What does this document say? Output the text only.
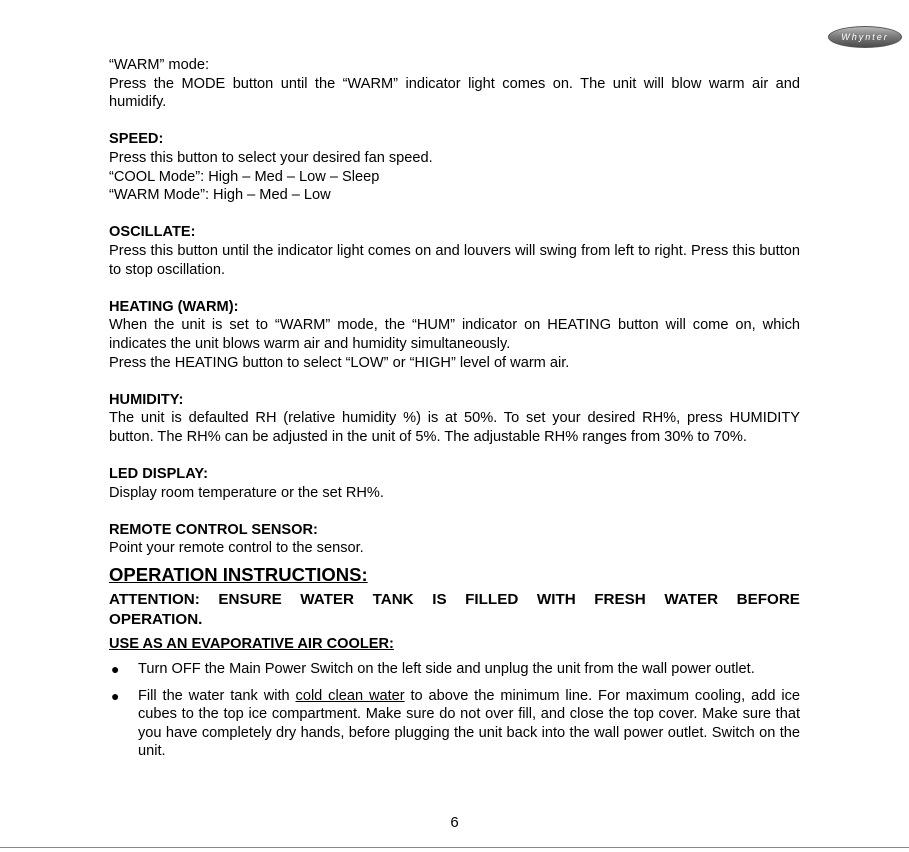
Whynter

“WARM” mode:

Press the MODE button until the “WARM” indicator light comes on. The unit will blow warm air and humidify.

SPEED:

Press this button to select your desired fan speed.

“COOL Mode”: High – Med – Low – Sleep

“WARM Mode”: High – Med – Low

OSCILLATE:

Press this button until the indicator light comes on and louvers will swing from left to right. Press this button to stop oscillation.

HEATING (WARM):

When the unit is set to “WARM” mode, the “HUM” indicator on HEATING button will come on, which indicates the unit blows warm air and humidity simultaneously.

Press the HEATING button to select “LOW” or “HIGH” level of warm air.

HUMIDITY:

The unit is defaulted RH (relative humidity %) is at 50%. To set your desired RH%, press HUMIDITY button. The RH% can be adjusted in the unit of 5%. The adjustable RH% ranges from 30% to 70%.

LED DISPLAY:

Display room temperature or the set RH%.

REMOTE CONTROL SENSOR:

Point your remote control to the sensor.

OPERATION INSTRUCTIONS:
ATTENTION: ENSURE WATER TANK IS FILLED WITH FRESH WATER BEFORE

OPERATION.

USE AS AN EVAPORATIVE AIR COOLER:
● Turn OFF the Main Power Switch on the left side and unplug the unit from the wall power outlet.
● Fill the water tank with cold clean water to above the minimum line. For maximum cooling, add ice cubes to the top ice compartment. Make sure do not over fill, and close the top cover. Make sure that you have completely dry hands, before plugging the unit back into the wall power outlet. Switch on the unit.
6
